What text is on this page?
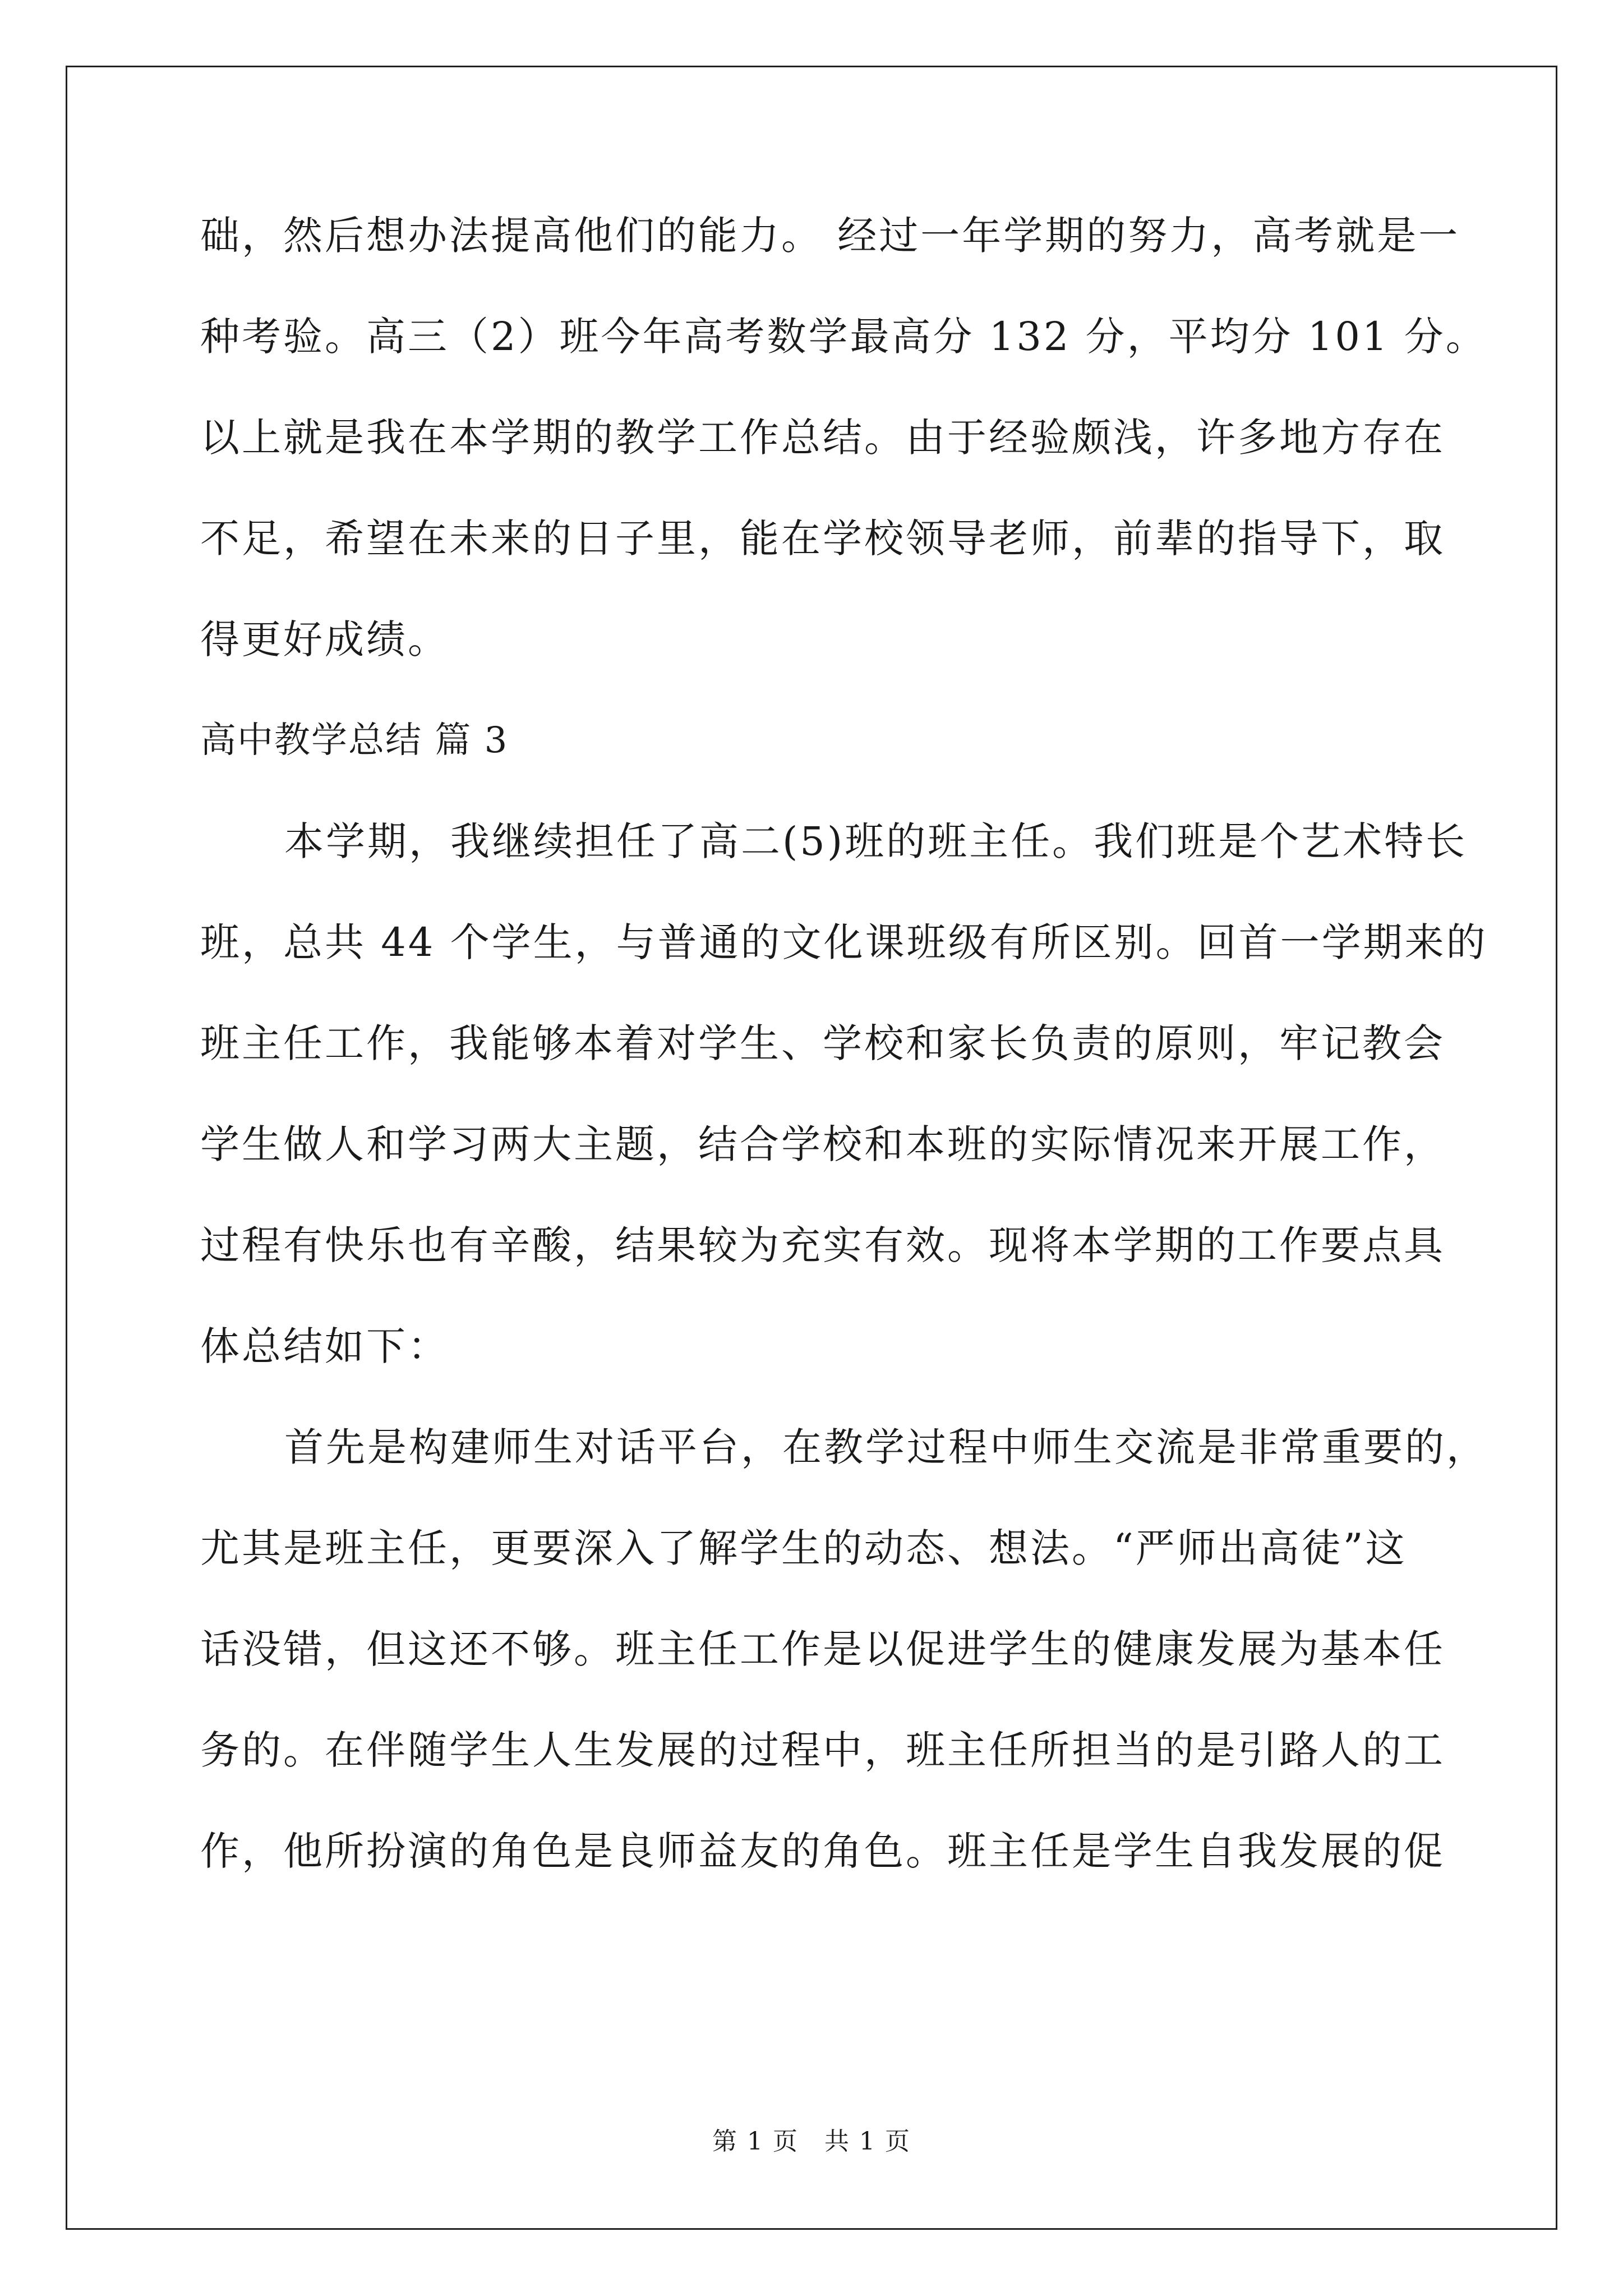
础，然后想办法提高他们的能力。 经过一年学期的努力，高考就是一
种考验。高三（2）班今年高考数学最高分 132 分，平均分 101 分。
以上就是我在本学期的教学工作总结。由于经验颇浅，许多地方存在
不足，希望在未来的日子里，能在学校领导老师，前辈的指导下，取
得更好成绩。
高中教学总结 篇 3
本学期，我继续担任了高二(5)班的班主任。我们班是个艺术特长
班，总共 44 个学生，与普通的文化课班级有所区别。回首一学期来的
班主任工作，我能够本着对学生、学校和家长负责的原则，牢记教会
学生做人和学习两大主题，结合学校和本班的实际情况来开展工作，
过程有快乐也有辛酸，结果较为充实有效。现将本学期的工作要点具
体总结如下：
首先是构建师生对话平台，在教学过程中师生交流是非常重要的，
尤其是班主任，更要深入了解学生的动态、想法。“严师出高徒”这
话没错，但这还不够。班主任工作是以促进学生的健康发展为基本任
务的。在伴随学生人生发展的过程中，班主任所担当的是引路人的工
作，他所扮演的角色是良师益友的角色。班主任是学生自我发展的促
第 1 页　共 1 页
